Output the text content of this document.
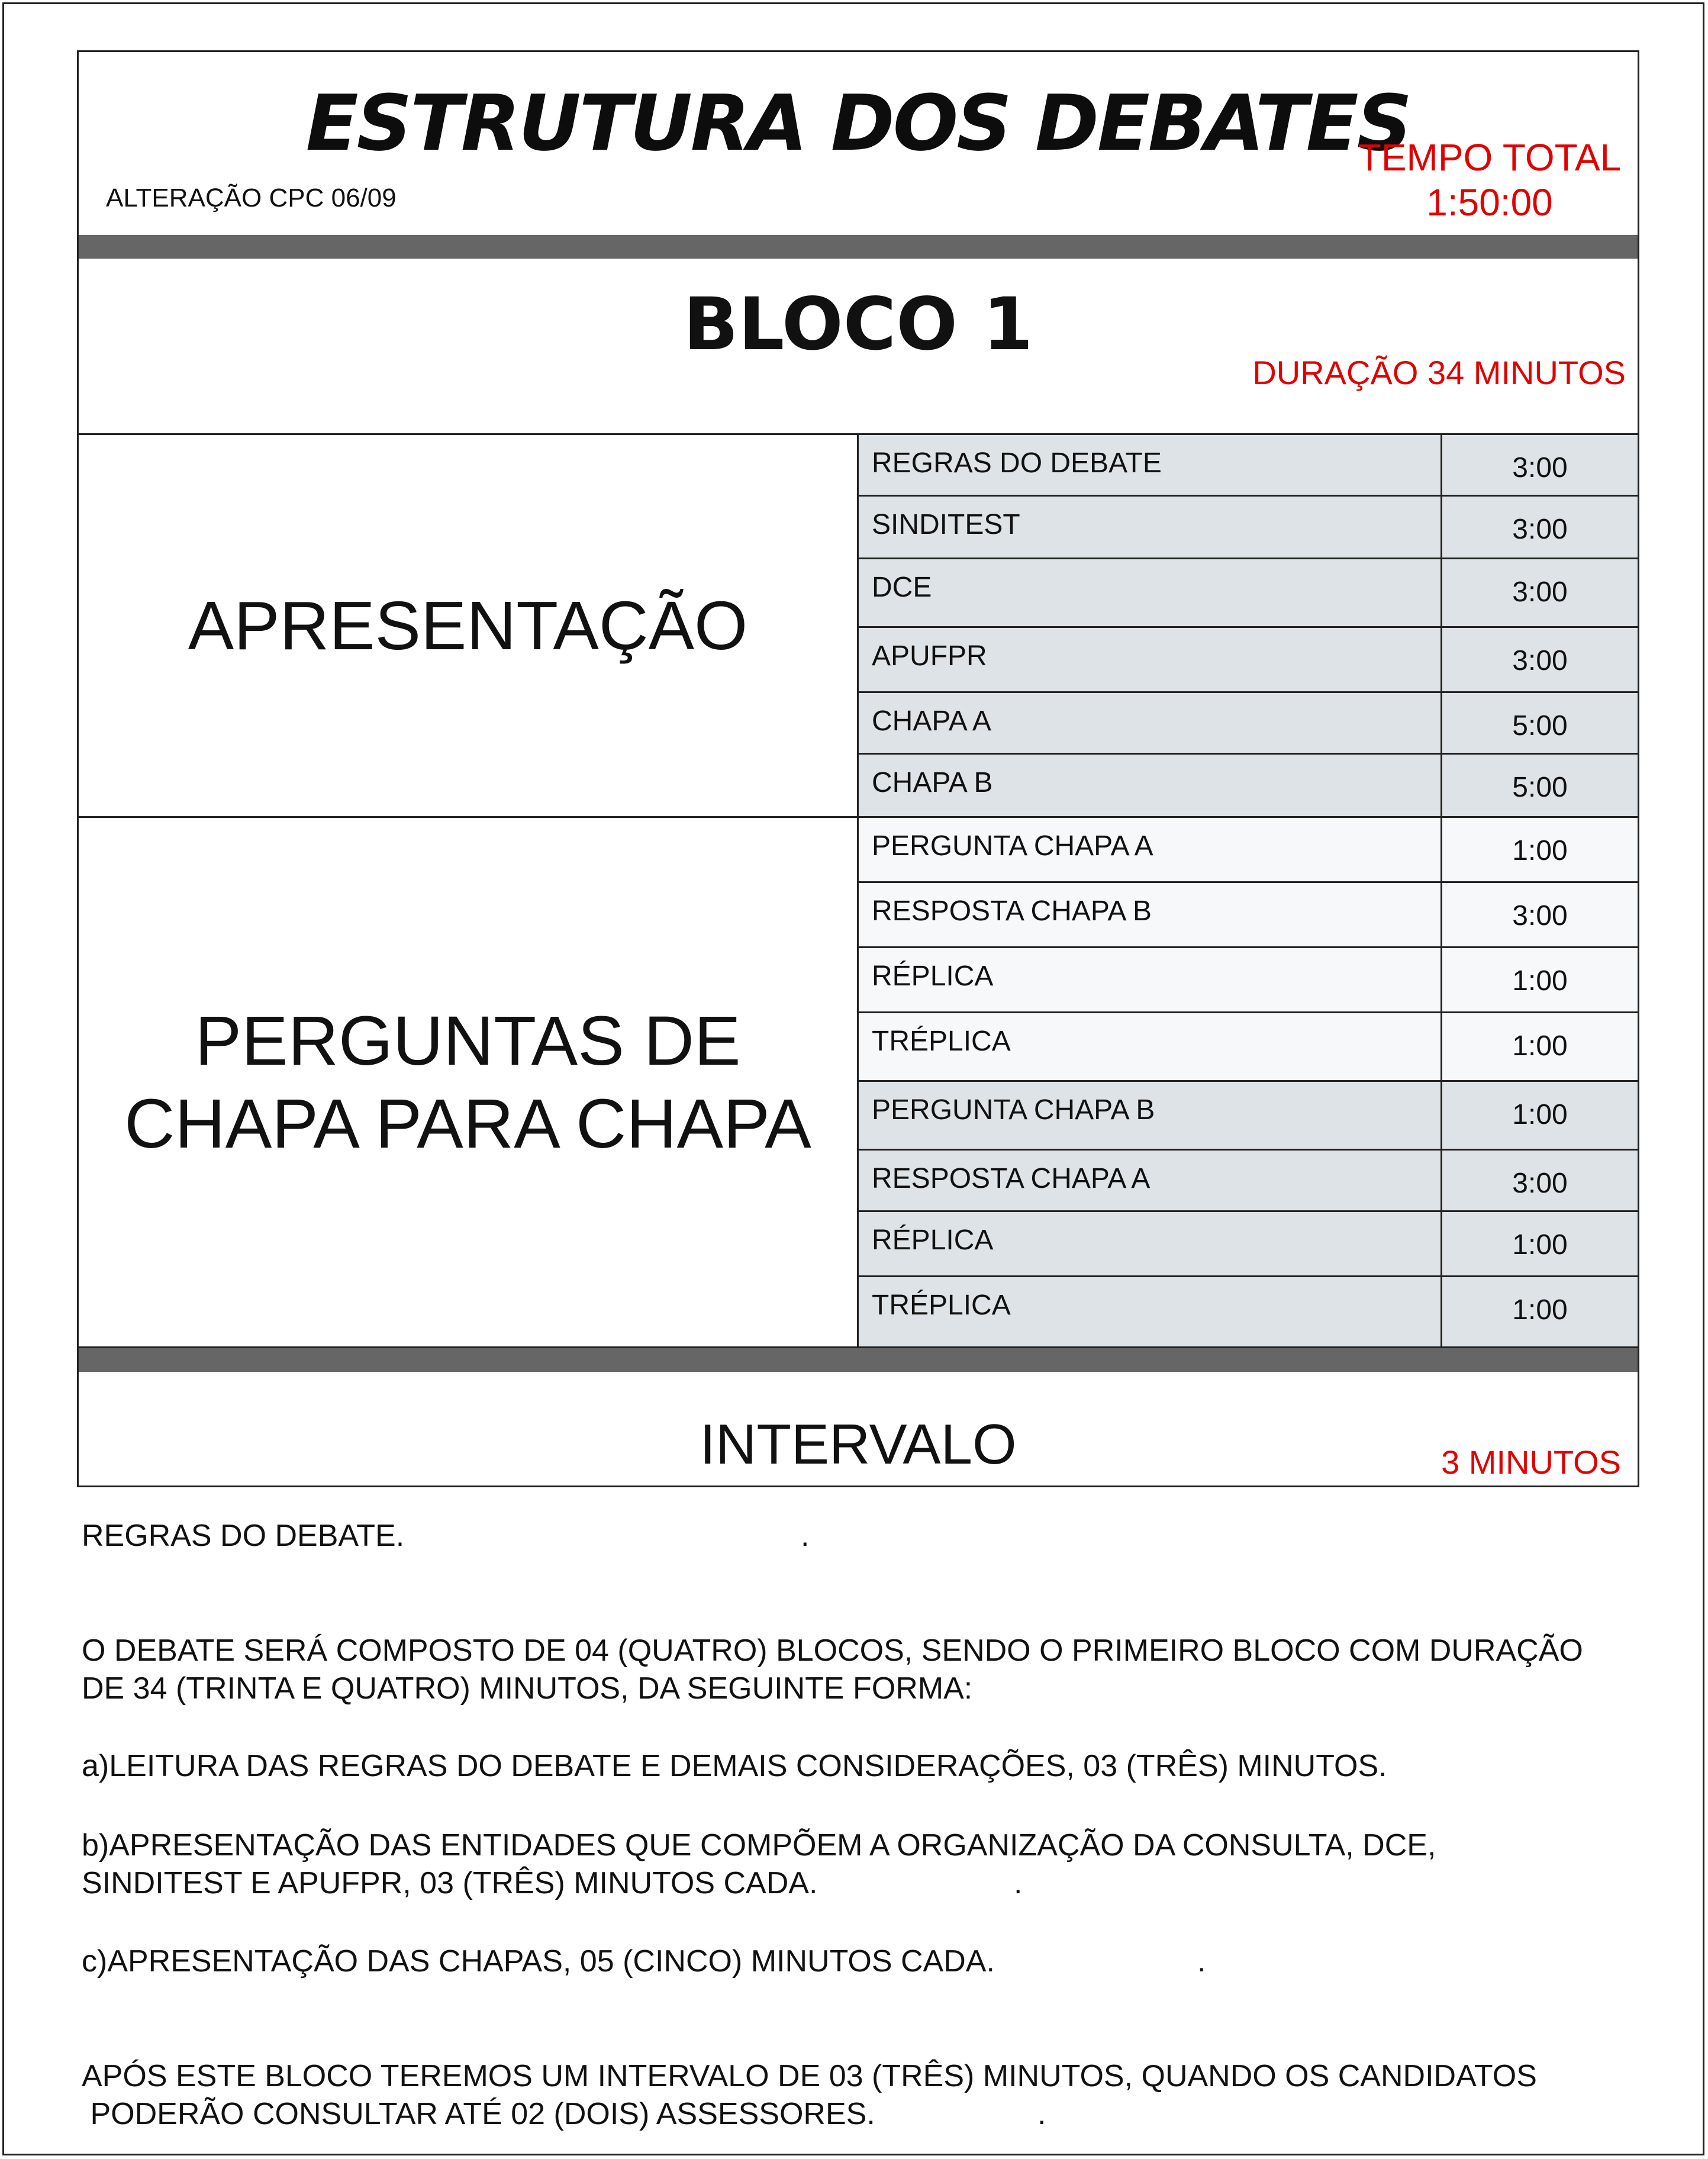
ESTRUTURA DOS DEBATES
ALTERAÇÃO CPC 06/09
TEMPO TOTAL
1:50:00
BLOCO 1
DURAÇÃO 34 MINUTOS
APRESENTAÇÃO
PERGUNTAS DE
CHAPA PARA CHAPA
REGRAS DO DEBATE	3:00
SINDITEST	3:00
DCE	3:00
APUFPR	3:00
CHAPA A	5:00
CHAPA B	5:00
PERGUNTA CHAPA A	1:00
RESPOSTA CHAPA B	3:00
RÉPLICA	1:00
TRÉPLICA	1:00
PERGUNTA CHAPA B	1:00
RESPOSTA CHAPA A	3:00
RÉPLICA	1:00
TRÉPLICA	1:00
INTERVALO	3 MINUTOS
REGRAS DO DEBATE.	.
O DEBATE SERÁ COMPOSTO DE 04 (QUATRO) BLOCOS, SENDO O PRIMEIRO BLOCO COM DURAÇÃO
DE 34 (TRINTA E QUATRO) MINUTOS, DA SEGUINTE FORMA:
a)LEITURA DAS REGRAS DO DEBATE E DEMAIS CONSIDERAÇÕES, 03 (TRÊS) MINUTOS.
b)APRESENTAÇÃO DAS ENTIDADES QUE COMPÕEM A ORGANIZAÇÃO DA CONSULTA, DCE,
SINDITEST E APUFPR, 03 (TRÊS) MINUTOS CADA.	.
c)APRESENTAÇÃO DAS CHAPAS, 05 (CINCO) MINUTOS CADA.	.
APÓS ESTE BLOCO TEREMOS UM INTERVALO DE 03 (TRÊS) MINUTOS, QUANDO OS CANDIDATOS
PODERÃO CONSULTAR ATÉ 02 (DOIS) ASSESSORES.	.
